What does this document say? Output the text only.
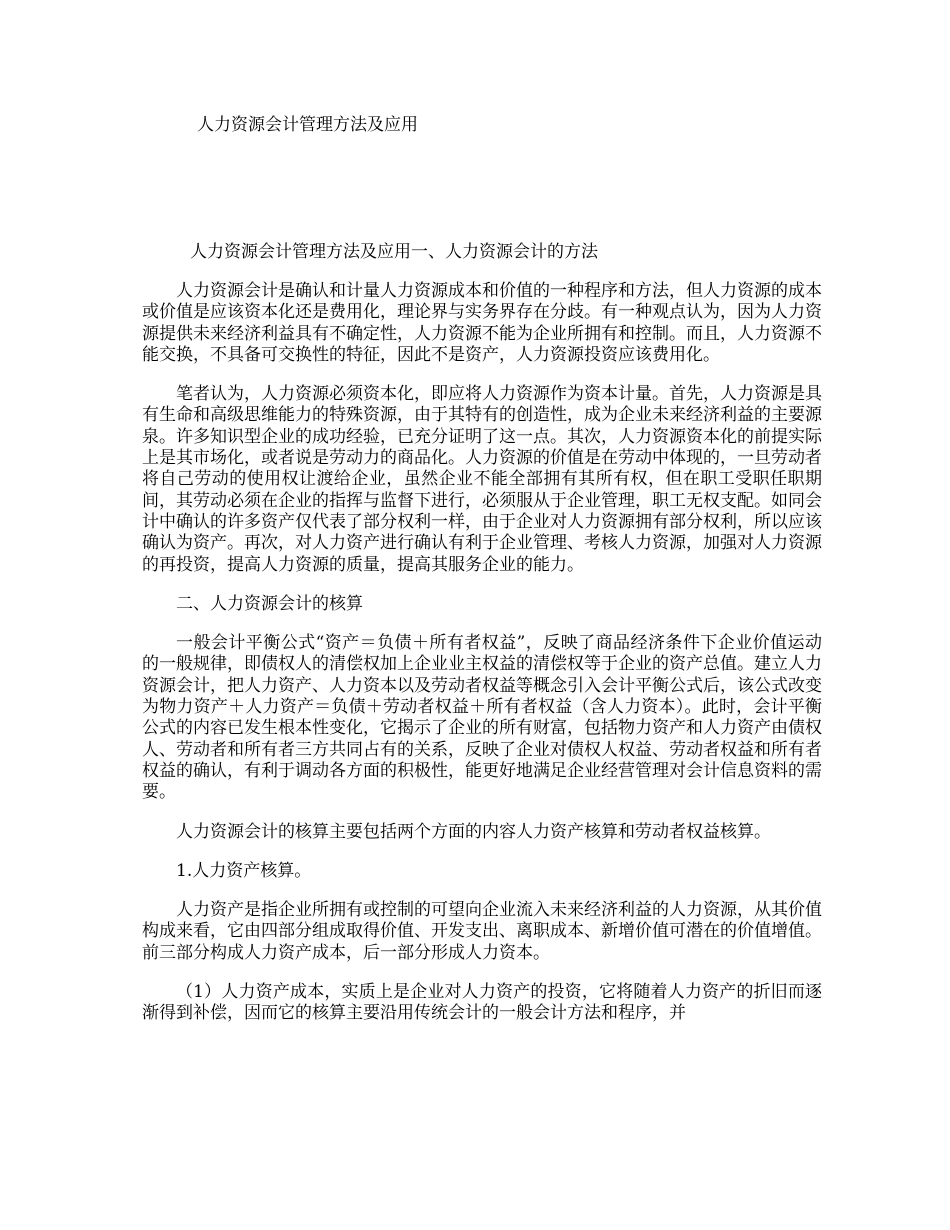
人力资源会计管理方法及应用
人力资源会计管理方法及应用一、人力资源会计的方法

人力资源会计是确认和计量人力资源成本和价值的一种程序和方法，但人力资源的成本或价值是应该资本化还是费用化，理论界与实务界存在分歧。有一种观点认为，因为人力资源提供未来经济利益具有不确定性，人力资源不能为企业所拥有和控制。而且，人力资源不能交换，不具备可交换性的特征，因此不是资产，人力资源投资应该费用化。

笔者认为，人力资源必须资本化，即应将人力资源作为资本计量。首先，人力资源是具有生命和高级思维能力的特殊资源，由于其特有的创造性，成为企业未来经济利益的主要源泉。许多知识型企业的成功经验，已充分证明了这一点。其次，人力资源资本化的前提实际上是其市场化，或者说是劳动力的商品化。人力资源的价值是在劳动中体现的，一旦劳动者将自己劳动的使用权让渡给企业，虽然企业不能全部拥有其所有权，但在职工受职任职期间，其劳动必须在企业的指挥与监督下进行，必须服从于企业管理，职工无权支配。如同会计中确认的许多资产仅代表了部分权利一样，由于企业对人力资源拥有部分权利，所以应该确认为资产。再次，对人力资产进行确认有利于企业管理、考核人力资源，加强对人力资源的再投资，提高人力资源的质量，提高其服务企业的能力。

二、人力资源会计的核算

一般会计平衡公式“资产＝负债＋所有者权益”，反映了商品经济条件下企业价值运动的一般规律，即债权人的清偿权加上企业业主权益的清偿权等于企业的资产总值。建立人力资源会计，把人力资产、人力资本以及劳动者权益等概念引入会计平衡公式后，该公式改变为物力资产＋人力资产＝负债＋劳动者权益＋所有者权益（含人力资本）。此时，会计平衡公式的内容已发生根本性变化，它揭示了企业的所有财富，包括物力资产和人力资产由债权人、劳动者和所有者三方共同占有的关系，反映了企业对债权人权益、劳动者权益和所有者权益的确认，有利于调动各方面的积极性，能更好地满足企业经营管理对会计信息资料的需要。

人力资源会计的核算主要包括两个方面的内容人力资产核算和劳动者权益核算。

1.人力资产核算。

人力资产是指企业所拥有或控制的可望向企业流入未来经济利益的人力资源，从其价值构成来看，它由四部分组成取得价值、开发支出、离职成本、新增价值可潜在的价值增值。前三部分构成人力资产成本，后一部分形成人力资本。

（1）人力资产成本，实质上是企业对人力资产的投资，它将随着人力资产的折旧而逐渐得到补偿，因而它的核算主要沿用传统会计的一般会计方法和程序，并
